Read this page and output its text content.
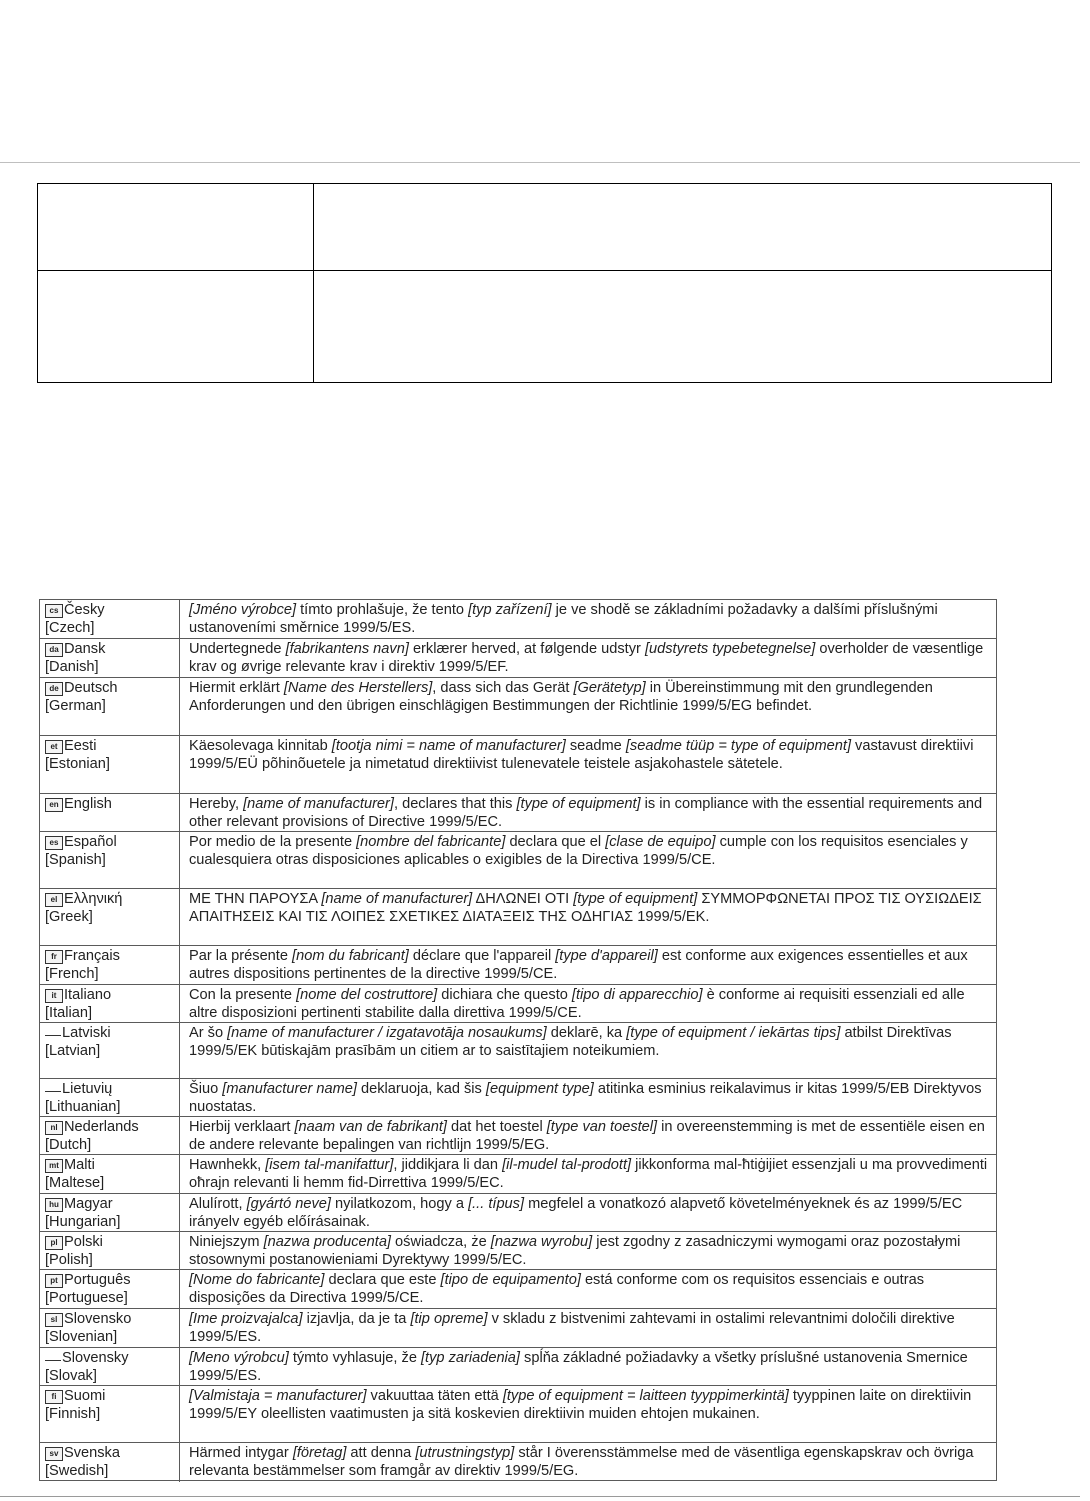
cs Česky
[Czech]
[Jméno výrobce] tímto prohlašuje, že tento [typ zařízení] je ve shodě se základními požadavky a dalšími příslušnými ustanoveními směrnice 1999/5/ES.
da Dansk
[Danish]
Undertegnede [fabrikantens navn] erklærer herved, at følgende udstyr [udstyrets typebetegnelse] overholder de væsentlige krav og øvrige relevante krav i direktiv 1999/5/EF.
de Deutsch
[German]
Hiermit erklärt [Name des Herstellers], dass sich das Gerät [Gerätetyp] in Übereinstimmung mit den grundlegenden Anforderungen und den übrigen einschlägigen Bestimmungen der Richtlinie 1999/5/EG befindet.
et Eesti
[Estonian]
Käesolevaga kinnitab [tootja nimi = name of manufacturer] seadme [seadme tüüp = type of equipment] vastavust direktiivi 1999/5/EÜ põhinõuetele ja nimetatud direktiivist tulenevatele teistele asjakohastele sätetele.
en English	Hereby, [name of manufacturer], declares that this [type of equipment] is in compliance with the essential requirements and other relevant provisions of Directive 1999/5/EC.
es Español
[Spanish]
Por medio de la presente [nombre del fabricante] declara que el [clase de equipo] cumple con los requisitos esenciales y cualesquiera otras disposiciones aplicables o exigibles de la Directiva 1999/5/CE.
el Ελληνική
[Greek]
ΜΕ ΤΗΝ ΠΑΡΟΥΣΑ [name of manufacturer] ΔΗΛΩΝΕΙ ΟΤΙ [type of equipment] ΣΥΜΜΟΡΦΩΝΕΤΑΙ ΠΡΟΣ ΤΙΣ ΟΥΣΙΩΔΕΙΣ ΑΠΑΙΤΗΣΕΙΣ ΚΑΙ ΤΙΣ ΛΟΙΠΕΣ ΣΧΕΤΙΚΕΣ ΔΙΑΤΑΞΕΙΣ ΤΗΣ ΟΔΗΓΙΑΣ 1999/5/ΕΚ.
fr Français
[French]
Par la présente [nom du fabricant] déclare que l'appareil [type d'appareil] est conforme aux exigences essentielles et aux autres dispositions pertinentes de la directive 1999/5/CE.
it Italiano
[Italian]
Con la presente [nome del costruttore] dichiara che questo [tipo di apparecchio] è conforme ai requisiti essenziali ed alle altre disposizioni pertinenti stabilite dalla direttiva 1999/5/CE.
Latviski
[Latvian]
Ar šo [name of manufacturer / izgatavotāja nosaukums] deklarē, ka [type of equipment / iekārtas tips] atbilst Direktīvas 1999/5/EK būtiskajām prasībām un citiem ar to saistītajiem noteikumiem.
Lietuvių
[Lithuanian]
Šiuo [manufacturer name] deklaruoja, kad šis [equipment type] atitinka esminius reikalavimus ir kitas 1999/5/EB Direktyvos nuostatas.
nl Nederlands
[Dutch]
Hierbij verklaart [naam van de fabrikant] dat het toestel [type van toestel] in overeenstemming is met de essentiële eisen en de andere relevante bepalingen van richtlijn 1999/5/EG.
mt Malti
[Maltese]
Hawnhekk, [isem tal-manifattur], jiddikjara li dan [il-mudel tal-prodott] jikkonforma mal-ħtiġijiet essenzjali u ma provvedimenti oħrajn relevanti li hemm fid-Dirrettiva 1999/5/EC.
hu Magyar
[Hungarian]
Alulírott, [gyártó neve] nyilatkozom, hogy a [... típus] megfelel a vonatkozó alapvető követelményeknek és az 1999/5/EC irányelv egyéb előírásainak.
pl Polski
[Polish]
Niniejszym [nazwa producenta] oświadcza, że [nazwa wyrobu] jest zgodny z zasadniczymi wymogami oraz pozostałymi stosownymi postanowieniami Dyrektywy 1999/5/EC.
pt Português
[Portuguese]
[Nome do fabricante] declara que este [tipo de equipamento] está conforme com os requisitos essenciais e outras disposições da Directiva 1999/5/CE.
sl Slovensko
[Slovenian]
[Ime proizvajalca] izjavlja, da je ta [tip opreme] v skladu z bistvenimi zahtevami in ostalimi relevantnimi določili direktive 1999/5/ES.
Slovensky
[Slovak]
[Meno výrobcu] týmto vyhlasuje, že [typ zariadenia] spĺňa základné požiadavky a všetky príslušné ustanovenia Smernice 1999/5/ES.
fi Suomi
[Finnish]
[Valmistaja = manufacturer] vakuuttaa täten että [type of equipment = laitteen tyyppimerkintä] tyyppinen laite on direktiivin 1999/5/EY oleellisten vaatimusten ja sitä koskevien direktiivin muiden ehtojen mukainen.
sv Svenska
[Swedish]
Härmed intygar [företag] att denna [utrustningstyp] står I överensstämmelse med de väsentliga egenskapskrav och övriga relevanta bestämmelser som framgår av direktiv 1999/5/EG.
